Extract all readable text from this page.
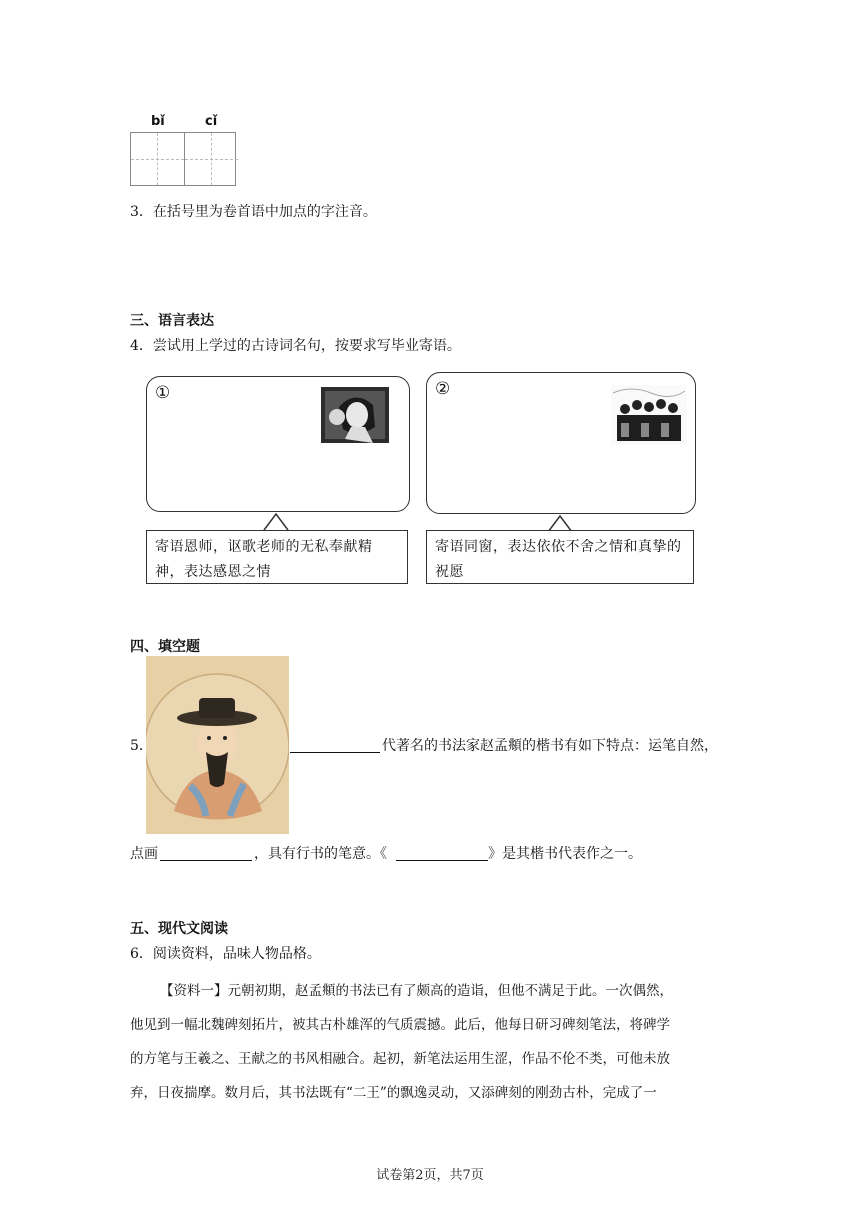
bǐ	cǐ
3．在括号里为卷首语中加点的字注音。
三、语言表达
4．尝试用上学过的古诗词名句，按要求写毕业寄语。
①
寄语恩师，讴歌老师的无私奉献精神，表达感恩之情
②
寄语同窗，表达依依不舍之情和真挚的祝愿
四、填空题
5．	代著名的书法家赵孟頫的楷书有如下特点：运笔自然，
点画	，具有行书的笔意。《	》是其楷书代表作之一。
五、现代文阅读
6．阅读资料，品味人物品格。
【资料一】元朝初期，赵孟頫的书法已有了颇高的造诣，但他不满足于此。一次偶然，
他见到一幅北魏碑刻拓片，被其古朴雄浑的气质震撼。此后，他每日研习碑刻笔法，将碑学
的方笔与王羲之、王献之的书风相融合。起初，新笔法运用生涩，作品不伦不类，可他未放
弃，日夜揣摩。数月后，其书法既有“二王”的飘逸灵动，又添碑刻的刚劲古朴，完成了一
试卷第2页，共7页
